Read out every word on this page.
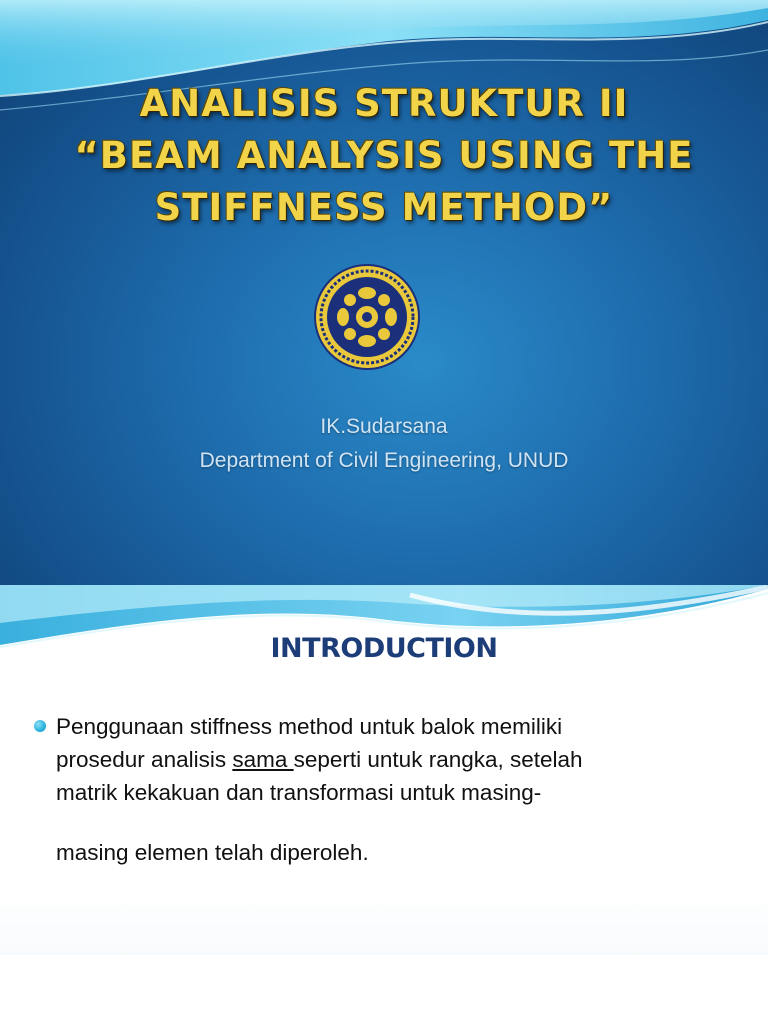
ANALISIS STRUKTUR II
“BEAM ANALYSIS USING THE
STIFFNESS METHOD”
IK.Sudarsana
Department of Civil Engineering, UNUD
INTRODUCTION
Penggunaan stiffness method untuk balok memiliki
prosedur analisis sama seperti untuk rangka, setelah
matrik kekakuan dan transformasi untuk masing-
masing elemen telah diperoleh.
